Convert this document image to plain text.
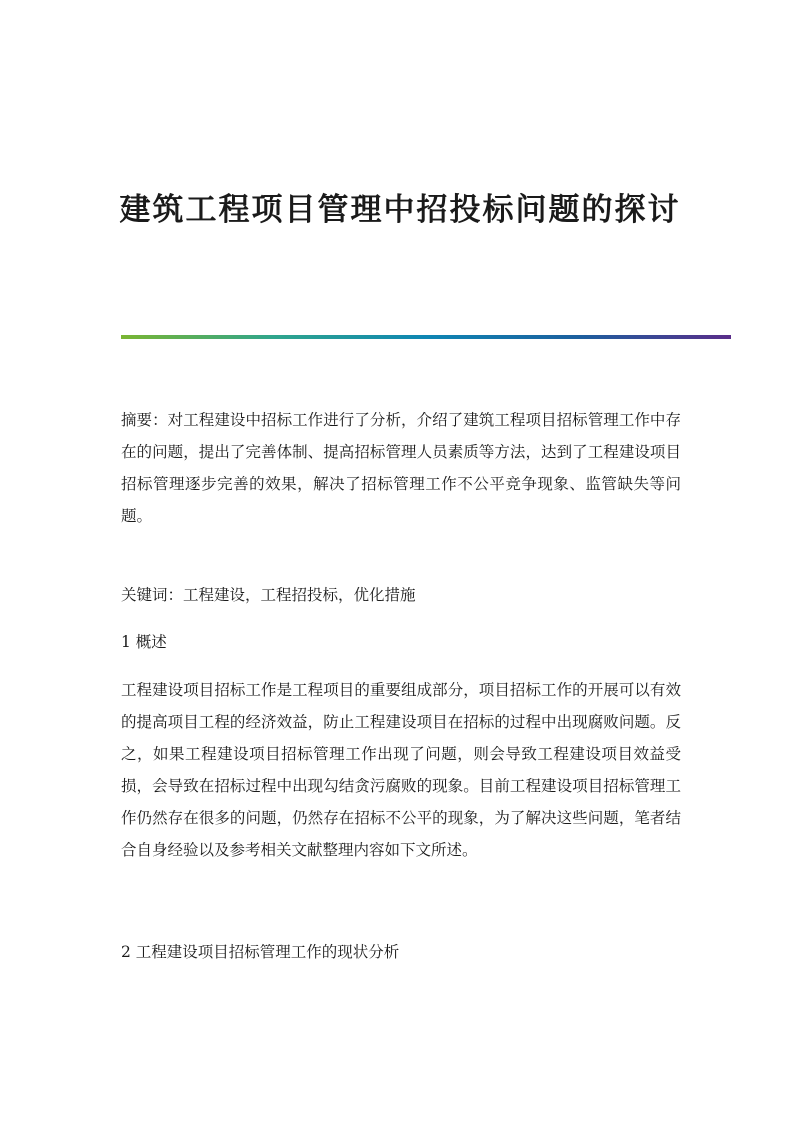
建筑工程项目管理中招投标问题的探讨
摘要：对工程建设中招标工作进行了分析，介绍了建筑工程项目招标管理工作中存在的问题，提出了完善体制、提高招标管理人员素质等方法，达到了工程建设项目招标管理逐步完善的效果，解决了招标管理工作不公平竞争现象、监管缺失等问题。
关键词：工程建设，工程招投标，优化措施
1 概述
工程建设项目招标工作是工程项目的重要组成部分，项目招标工作的开展可以有效的提高项目工程的经济效益，防止工程建设项目在招标的过程中出现腐败问题。反之，如果工程建设项目招标管理工作出现了问题，则会导致工程建设项目效益受损，会导致在招标过程中出现勾结贪污腐败的现象。目前工程建设项目招标管理工作仍然存在很多的问题，仍然存在招标不公平的现象，为了解决这些问题，笔者结合自身经验以及参考相关文献整理内容如下文所述。
2 工程建设项目招标管理工作的现状分析
